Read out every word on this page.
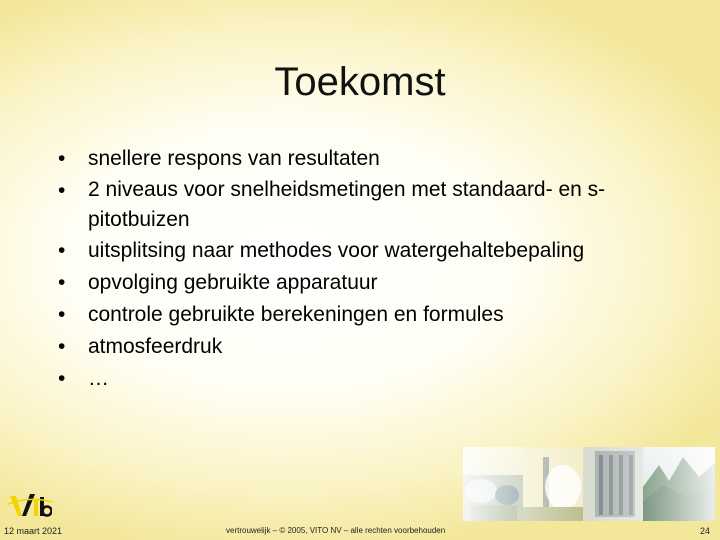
Toekomst
• snellere respons van resultaten
• 2 niveaus voor snelheidsmetingen met standaard- en s-pitotbuizen
• uitsplitsing naar methodes voor watergehaltebepaling
• opvolging gebruikte apparatuur
• controle gebruikte berekeningen en formules
• atmosfeerdruk
• …
12 maart 2021	vertrouwelijk – © 2005, VITO NV – alle rechten voorbehouden	24
